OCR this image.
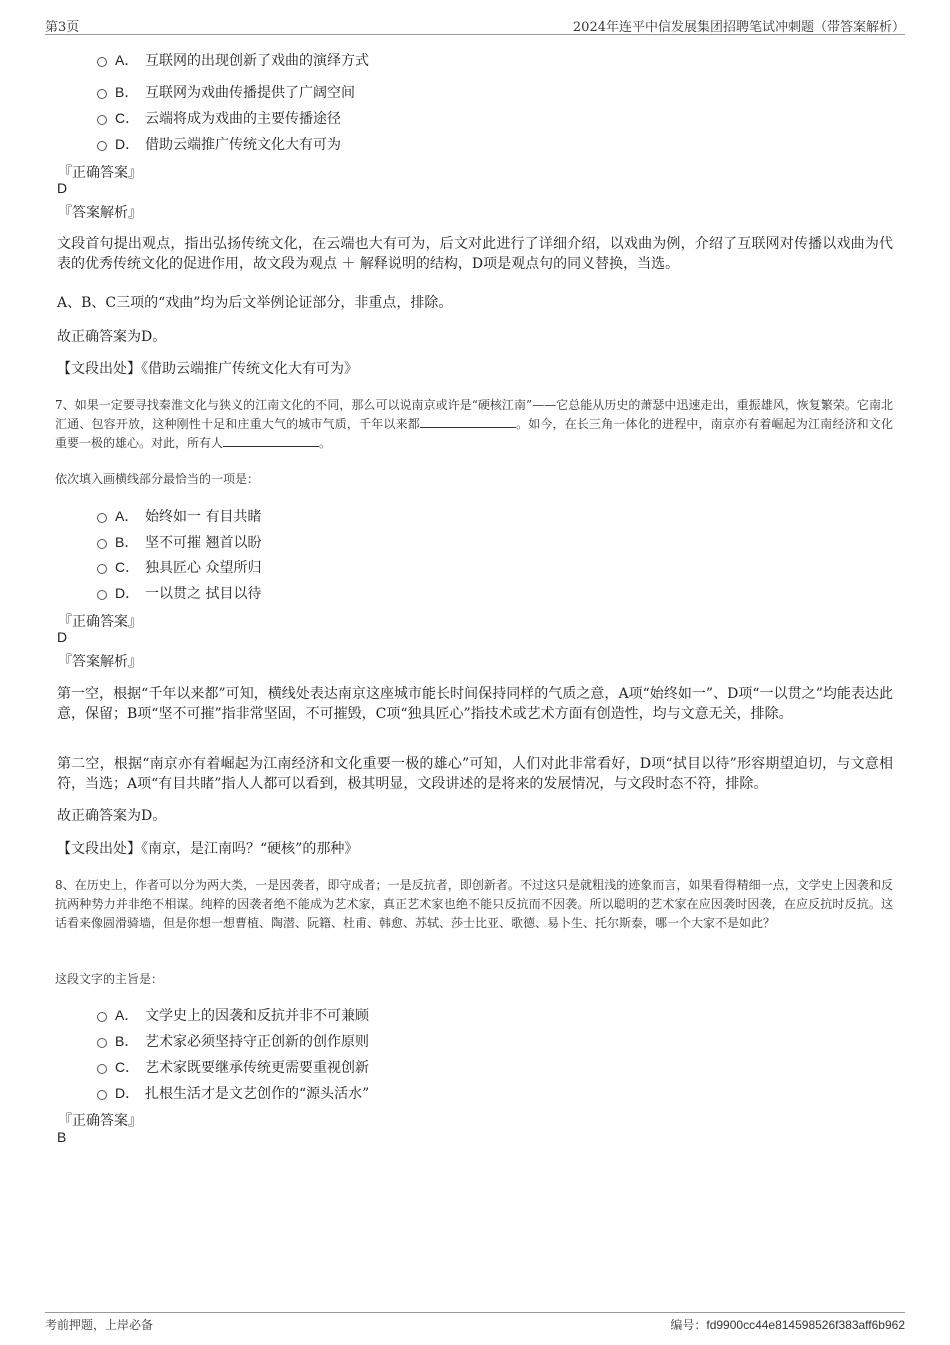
第3页	2024年连平中信发展集团招聘笔试冲刺题（带答案解析）
A． 互联网的出现创新了戏曲的演绎方式
B． 互联网为戏曲传播提供了广阔空间
C． 云端将成为戏曲的主要传播途径
D． 借助云端推广传统文化大有可为
『正确答案』
D
『答案解析』
文段首句提出观点，指出弘扬传统文化，在云端也大有可为，后文对此进行了详细介绍，以戏曲为例，介绍了互联网对传播以戏曲为代表的优秀传统文化的促进作用，故文段为观点 ＋ 解释说明的结构，D项是观点句的同义替换，当选。
A、B、C三项的“戏曲”均为后文举例论证部分，非重点，排除。
故正确答案为D。
【文段出处】《借助云端推广传统文化大有可为》
7、如果一定要寻找秦淮文化与狭义的江南文化的不同，那么可以说南京或许是“硬核江南”——它总能从历史的萧瑟中迅速走出，重振雄风，恢复繁荣。它南北汇通、包容开放，这种刚性十足和庄重大气的城市气质，千年以来都	。如今，在长三角一体化的进程中，南京亦有着崛起为江南经济和文化重要一极的雄心。对此，所有人	。
依次填入画横线部分最恰当的一项是：
A． 始终如一 有目共睹
B． 坚不可摧 翘首以盼
C． 独具匠心 众望所归
D． 一以贯之 拭目以待
『正确答案』
D
『答案解析』
第一空，根据“千年以来都”可知，横线处表达南京这座城市能长时间保持同样的气质之意，A项“始终如一”、D项“一以贯之”均能表达此意，保留；B项“坚不可摧”指非常坚固，不可摧毁，C项“独具匠心”指技术或艺术方面有创造性，均与文意无关，排除。
第二空，根据“南京亦有着崛起为江南经济和文化重要一极的雄心”可知，人们对此非常看好，D项“拭目以待”形容期望迫切，与文意相符，当选；A项“有目共睹”指人人都可以看到，极其明显，文段讲述的是将来的发展情况，与文段时态不符，排除。
故正确答案为D。
【文段出处】《南京，是江南吗？“硬核”的那种》
8、在历史上，作者可以分为两大类，一是因袭者，即守成者；一是反抗者，即创新者。不过这只是就粗浅的迹象而言，如果看得精细一点，文学史上因袭和反抗两种势力并非绝不相谋。纯粹的因袭者绝不能成为艺术家，真正艺术家也绝不能只反抗而不因袭。所以聪明的艺术家在应因袭时因袭，在应反抗时反抗。这话看来像圆滑骑墙，但是你想一想曹植、陶潜、阮籍、杜甫、韩愈、苏轼、莎士比亚、歌德、易卜生、托尔斯泰，哪一个大家不是如此？
这段文字的主旨是：
A． 文学史上的因袭和反抗并非不可兼顾
B． 艺术家必须坚持守正创新的创作原则
C． 艺术家既要继承传统更需要重视创新
D． 扎根生活才是文艺创作的“源头活水”
『正确答案』
B
考前押题，上岸必备	编号：fd9900cc44e814598526f383aff6b962
